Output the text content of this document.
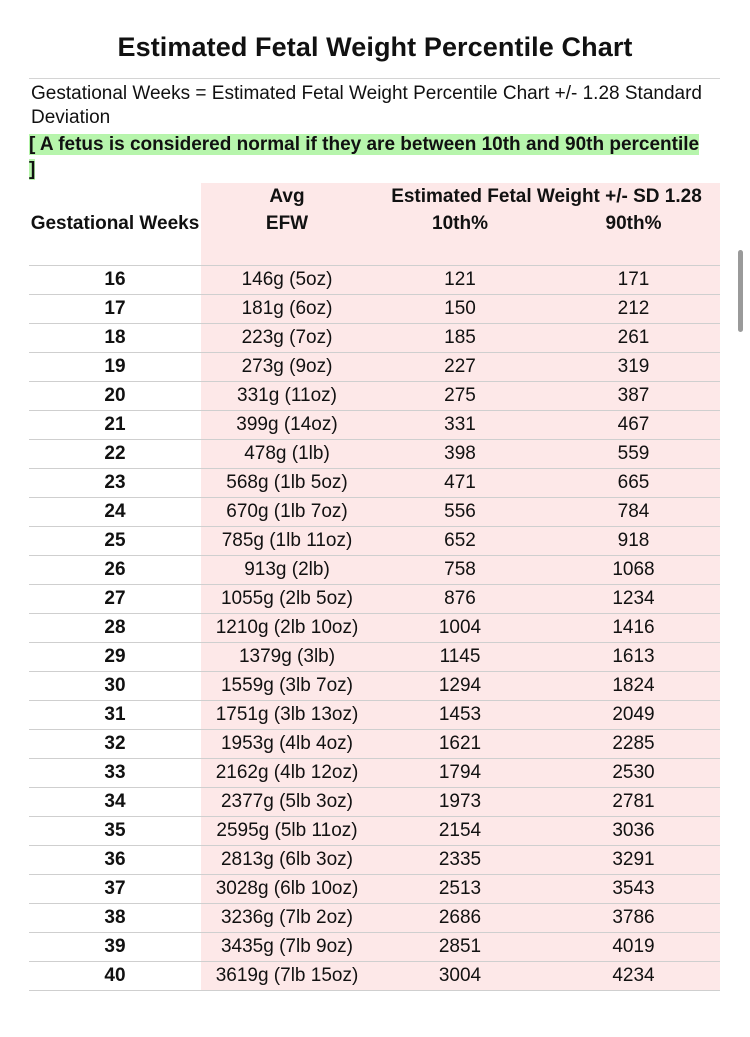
Estimated Fetal Weight Percentile Chart
Gestational Weeks = Estimated Fetal Weight Percentile Chart +/- 1.28 Standard Deviation
[ A fetus is considered normal if they are between 10th and 90th percentile ]
	Avg	Estimated Fetal Weight +/- SD 1.28	
Gestational Weeks	EFW	10th%	90th%
16	146g (5oz)	121	171
17	181g (6oz)	150	212
18	223g (7oz)	185	261
19	273g (9oz)	227	319
20	331g (11oz)	275	387
21	399g (14oz)	331	467
22	478g (1lb)	398	559
23	568g (1lb 5oz)	471	665
24	670g (1lb 7oz)	556	784
25	785g (1lb 11oz)	652	918
26	913g (2lb)	758	1068
27	1055g (2lb 5oz)	876	1234
28	1210g (2lb 10oz)	1004	1416
29	1379g (3lb)	1145	1613
30	1559g (3lb 7oz)	1294	1824
31	1751g (3lb 13oz)	1453	2049
32	1953g (4lb 4oz)	1621	2285
33	2162g (4lb 12oz)	1794	2530
34	2377g (5lb 3oz)	1973	2781
35	2595g (5lb 11oz)	2154	3036
36	2813g (6lb 3oz)	2335	3291
37	3028g (6lb 10oz)	2513	3543
38	3236g (7lb 2oz)	2686	3786
39	3435g (7lb 9oz)	2851	4019
40	3619g (7lb 15oz)	3004	4234
